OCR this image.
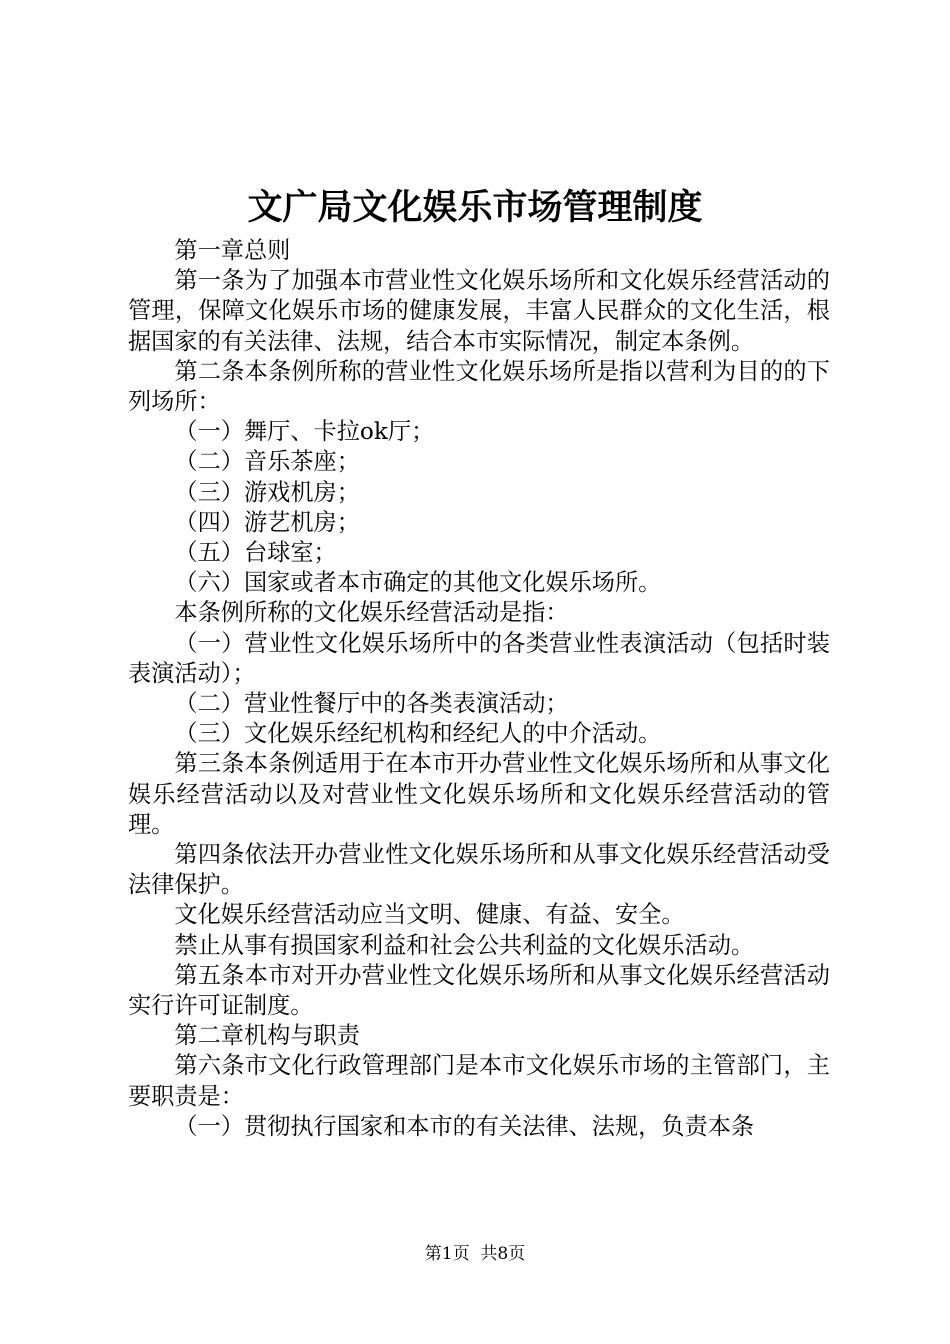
文广局文化娱乐市场管理制度

第一章总则

第一条为了加强本市营业性文化娱乐场所和文化娱乐经营活动的管理，保障文化娱乐市场的健康发展，丰富人民群众的文化生活，根据国家的有关法律、法规，结合本市实际情况，制定本条例。

第二条本条例所称的营业性文化娱乐场所是指以营利为目的的下列场所：

（一）舞厅、卡拉ok厅；

（二）音乐茶座；

（三）游戏机房；

（四）游艺机房；

（五）台球室；

（六）国家或者本市确定的其他文化娱乐场所。

本条例所称的文化娱乐经营活动是指：

（一）营业性文化娱乐场所中的各类营业性表演活动（包括时装表演活动）；

（二）营业性餐厅中的各类表演活动；

（三）文化娱乐经纪机构和经纪人的中介活动。

第三条本条例适用于在本市开办营业性文化娱乐场所和从事文化娱乐经营活动以及对营业性文化娱乐场所和文化娱乐经营活动的管理。

第四条依法开办营业性文化娱乐场所和从事文化娱乐经营活动受法律保护。

文化娱乐经营活动应当文明、健康、有益、安全。

禁止从事有损国家利益和社会公共利益的文化娱乐活动。

第五条本市对开办营业性文化娱乐场所和从事文化娱乐经营活动实行许可证制度。

第二章机构与职责

第六条市文化行政管理部门是本市文化娱乐市场的主管部门，主要职责是：

（一）贯彻执行国家和本市的有关法律、法规，负责本条

第1页  共8页
